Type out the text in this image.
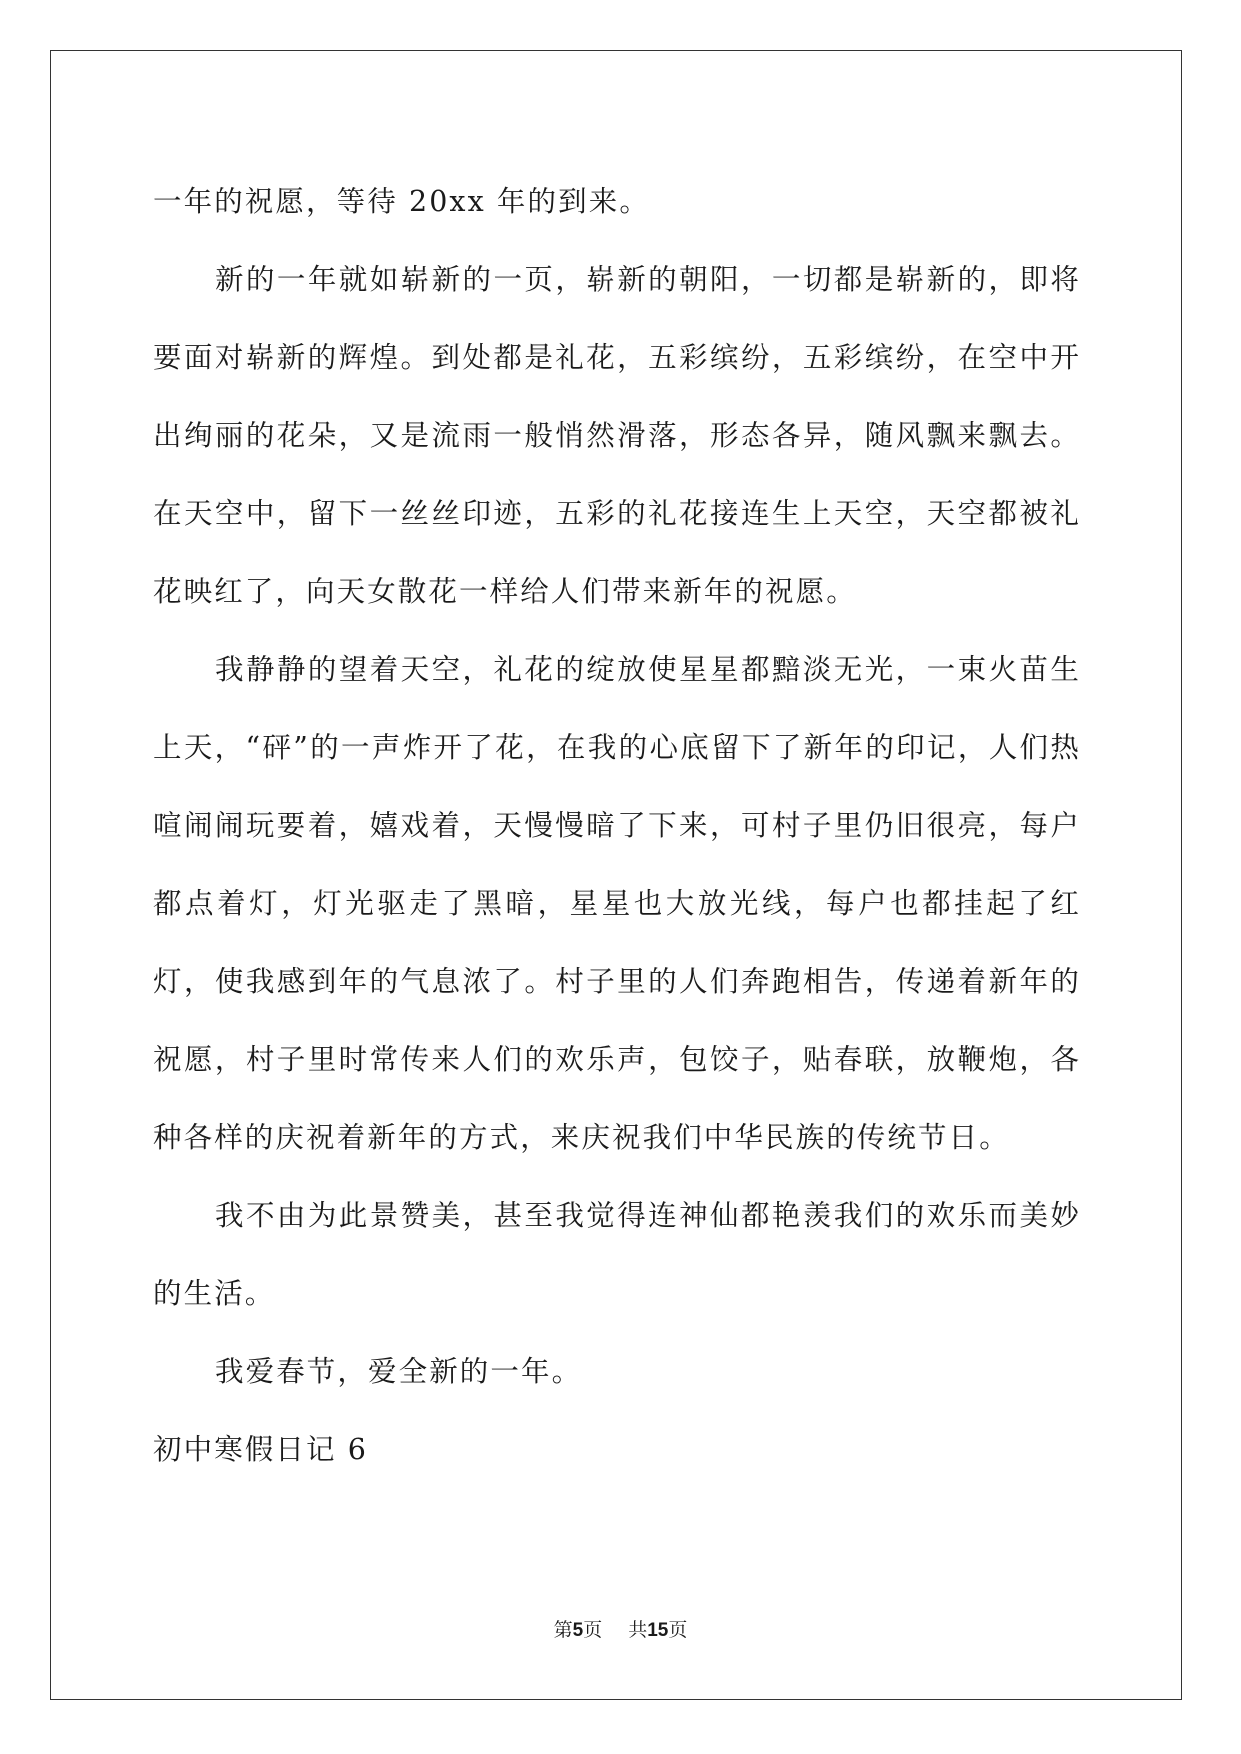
一年的祝愿，等待 20xx 年的到来。

新的一年就如崭新的一页，崭新的朝阳，一切都是崭新的，即将要面对崭新的辉煌。到处都是礼花，五彩缤纷，五彩缤纷，在空中开出绚丽的花朵，又是流雨一般悄然滑落，形态各异，随风飘来飘去。在天空中，留下一丝丝印迹，五彩的礼花接连生上天空，天空都被礼花映红了，向天女散花一样给人们带来新年的祝愿。

我静静的望着天空，礼花的绽放使星星都黯淡无光，一束火苗生上天，“砰”的一声炸开了花，在我的心底留下了新年的印记，人们热喧闹闹玩要着，嬉戏着，天慢慢暗了下来，可村子里仍旧很亮，每户都点着灯，灯光驱走了黑暗，星星也大放光线，每户也都挂起了红灯，使我感到年的气息浓了。村子里的人们奔跑相告，传递着新年的祝愿，村子里时常传来人们的欢乐声，包饺子，贴春联，放鞭炮，各种各样的庆祝着新年的方式，来庆祝我们中华民族的传统节日。

我不由为此景赞美，甚至我觉得连神仙都艳羡我们的欢乐而美妙的生活。

我爱春节，爱全新的一年。

初中寒假日记 6

第5页 共15页
